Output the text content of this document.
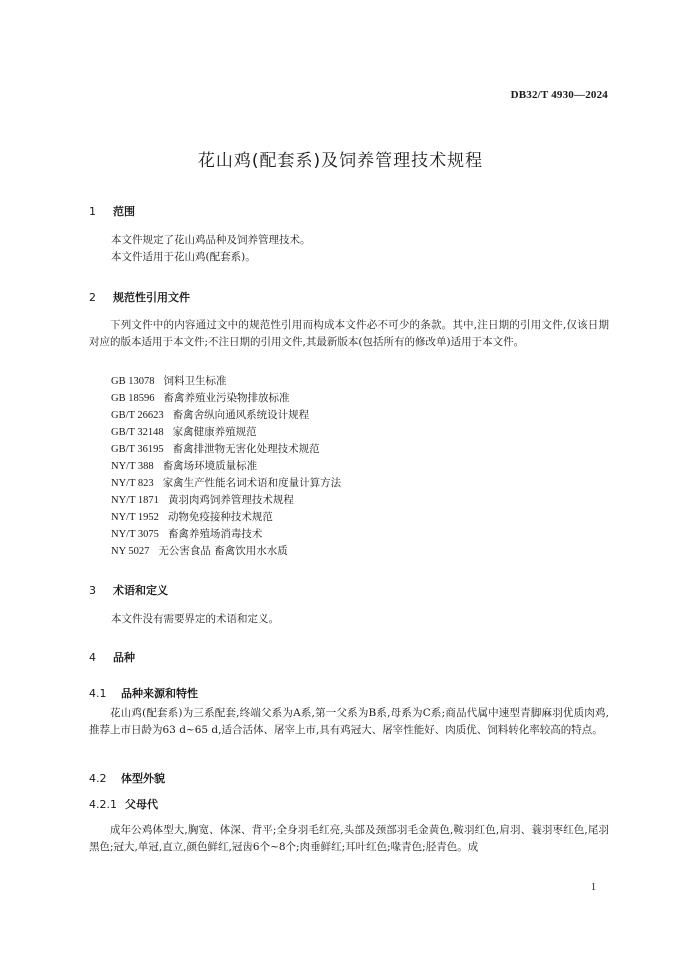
DB32/T 4930—2024
花山鸡(配套系)及饲养管理技术规程
1 范围
本文件规定了花山鸡品种及饲养管理技术。
本文件适用于花山鸡(配套系)。
2 规范性引用文件
下列文件中的内容通过文中的规范性引用而构成本文件必不可少的条款。其中,注日期的引用文件,仅该日期对应的版本适用于本文件;不注日期的引用文件,其最新版本(包括所有的修改单)适用于本文件。
GB 13078 饲料卫生标准
GB 18596 畜禽养殖业污染物排放标准
GB/T 26623 畜禽舍纵向通风系统设计规程
GB/T 32148 家禽健康养殖规范
GB/T 36195 畜禽排泄物无害化处理技术规范
NY/T 388 畜禽场环境质量标准
NY/T 823 家禽生产性能名词术语和度量计算方法
NY/T 1871 黄羽肉鸡饲养管理技术规程
NY/T 1952 动物免疫接种技术规范
NY/T 3075 畜禽养殖场消毒技术
NY 5027 无公害食品 畜禽饮用水水质
3 术语和定义
本文件没有需要界定的术语和定义。
4 品种
4.1 品种来源和特性
花山鸡(配套系)为三系配套,终端父系为A系,第一父系为B系,母系为C系;商品代属中速型青脚麻羽优质肉鸡,推荐上市日龄为63 d~65 d,适合活体、屠宰上市,具有鸡冠大、屠宰性能好、肉质优、饲料转化率较高的特点。
4.2 体型外貌
4.2.1 父母代
成年公鸡体型大,胸宽、体深、背平;全身羽毛红亮,头部及颈部羽毛金黄色,鞍羽红色,肩羽、蓑羽枣红色,尾羽黑色;冠大,单冠,直立,颜色鲜红,冠齿6个~8个;肉垂鲜红;耳叶红色;喙青色;胫青色。成
1
